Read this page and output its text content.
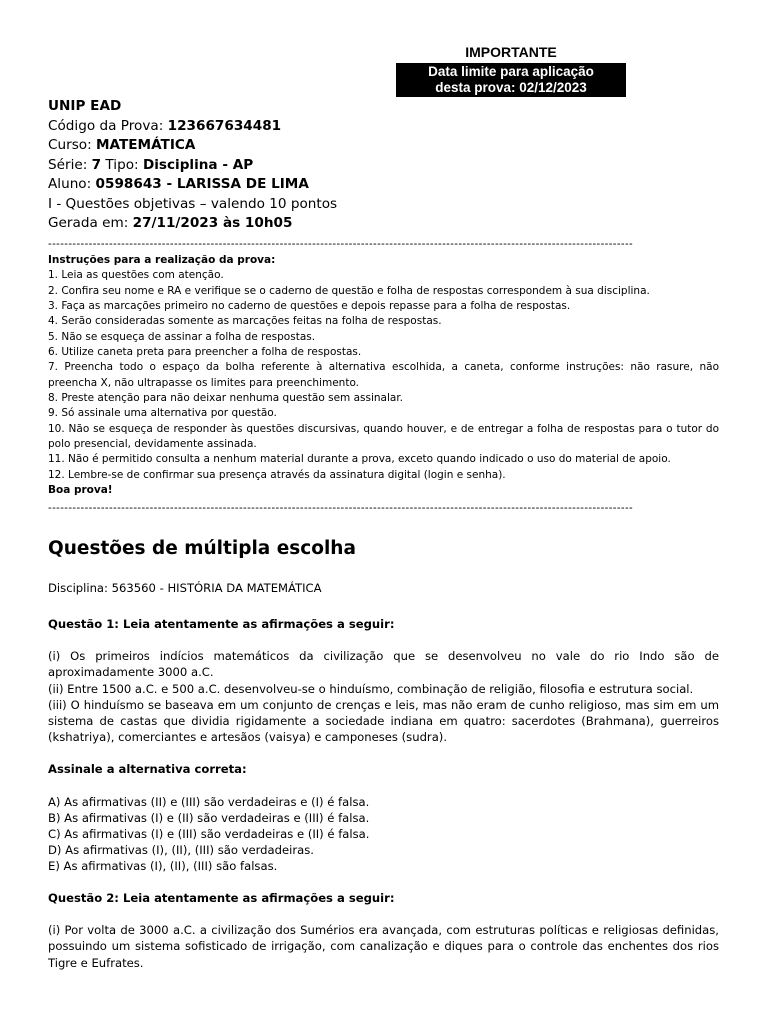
IMPORTANTE
Data limite para aplicação
desta prova: 02/12/2023
UNIP EAD
Código da Prova: 123667634481
Curso: MATEMÁTICA
Série: 7 Tipo: Disciplina - AP
Aluno: 0598643 - LARISSA DE LIMA
I - Questões objetivas – valendo 10 pontos
Gerada em: 27/11/2023 às 10h05
------------------------------------------------------------------------------------------------------------------------------------------------
Instruções para a realização da prova:
1. Leia as questões com atenção.
2. Confira seu nome e RA e verifique se o caderno de questão e folha de respostas correspondem à sua disciplina.
3. Faça as marcações primeiro no caderno de questões e depois repasse para a folha de respostas.
4. Serão consideradas somente as marcações feitas na folha de respostas.
5. Não se esqueça de assinar a folha de respostas.
6. Utilize caneta preta para preencher a folha de respostas.
7. Preencha todo o espaço da bolha referente à alternativa escolhida, a caneta, conforme instruções: não rasure, não preencha X, não ultrapasse os limites para preenchimento.
8. Preste atenção para não deixar nenhuma questão sem assinalar.
9. Só assinale uma alternativa por questão.
10. Não se esqueça de responder às questões discursivas, quando houver, e de entregar a folha de respostas para o tutor do polo presencial, devidamente assinada.
11. Não é permitido consulta a nenhum material durante a prova, exceto quando indicado o uso do material de apoio.
12. Lembre-se de confirmar sua presença através da assinatura digital (login e senha).
Boa prova!
------------------------------------------------------------------------------------------------------------------------------------------------
Questões de múltipla escolha

Disciplina: 563560 - HISTÓRIA DA MATEMÁTICA

Questão 1: Leia atentamente as afirmações a seguir:

(i) Os primeiros indícios matemáticos da civilização que se desenvolveu no vale do rio Indo são de aproximadamente 3000 a.C.

(ii) Entre 1500 a.C. e 500 a.C. desenvolveu-se o hinduísmo, combinação de religião, filosofia e estrutura social.

(iii) O hinduísmo se baseava em um conjunto de crenças e leis, mas não eram de cunho religioso, mas sim em um sistema de castas que dividia rigidamente a sociedade indiana em quatro: sacerdotes (Brahmana), guerreiros (kshatriya), comerciantes e artesãos (vaisya) e camponeses (sudra).

Assinale a alternativa correta:

A) As afirmativas (II) e (III) são verdadeiras e (I) é falsa.

B) As afirmativas (I) e (II) são verdadeiras e (III) é falsa.

C) As afirmativas (I) e (III) são verdadeiras e (II) é falsa.

D) As afirmativas (I), (II), (III) são verdadeiras.

E) As afirmativas (I), (II), (III) são falsas.

Questão 2: Leia atentamente as afirmações a seguir:

(i) Por volta de 3000 a.C. a civilização dos Sumérios era avançada, com estruturas políticas e religiosas definidas, possuindo um sistema sofisticado de irrigação, com canalização e diques para o controle das enchentes dos rios Tigre e Eufrates.
